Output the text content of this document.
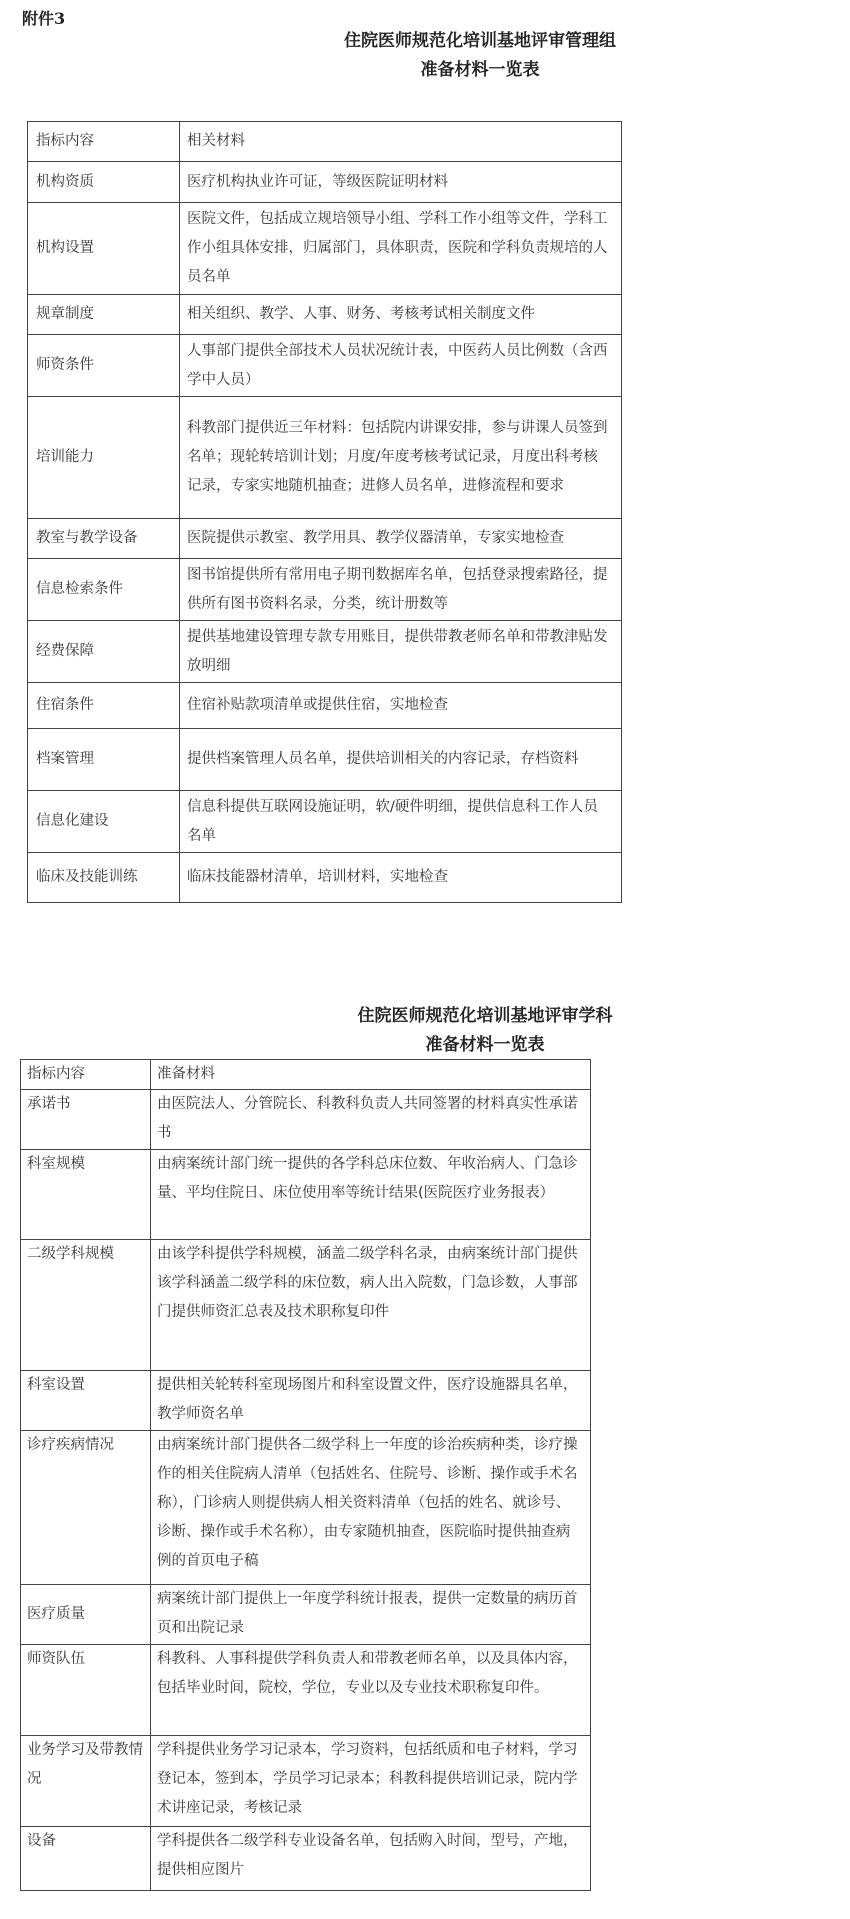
附件3
住院医师规范化培训基地评审管理组
准备材料一览表
指标内容	相关材料
机构资质	医疗机构执业许可证，等级医院证明材料
机构设置	医院文件，包括成立规培领导小组、学科工作小组等文件，学科工作小组具体安排，归属部门，具体职责，医院和学科负责规培的人员名单
规章制度	相关组织、教学、人事、财务、考核考试相关制度文件
师资条件	人事部门提供全部技术人员状况统计表，中医药人员比例数（含西学中人员）
培训能力	科教部门提供近三年材料：包括院内讲课安排，参与讲课人员签到名单；现轮转培训计划；月度/年度考核考试记录，月度出科考核记录，专家实地随机抽查；进修人员名单，进修流程和要求
教室与教学设备	医院提供示教室、教学用具、教学仪器清单，专家实地检查
信息检索条件	图书馆提供所有常用电子期刊数据库名单，包括登录搜索路径，提供所有图书资料名录，分类，统计册数等
经费保障	提供基地建设管理专款专用账目，提供带教老师名单和带教津贴发放明细
住宿条件	住宿补贴款项清单或提供住宿，实地检查
档案管理	提供档案管理人员名单，提供培训相关的内容记录，存档资料
信息化建设	信息科提供互联网设施证明，软/硬件明细，提供信息科工作人员名单
临床及技能训练	临床技能器材清单，培训材料，实地检查
住院医师规范化培训基地评审学科
准备材料一览表
指标内容	准备材料
承诺书	由医院法人、分管院长、科教科负责人共同签署的材料真实性承诺书
科室规模	由病案统计部门统一提供的各学科总床位数、年收治病人、门急诊量、平均住院日、床位使用率等统计结果(医院医疗业务报表）
二级学科规模	由该学科提供学科规模，涵盖二级学科名录，由病案统计部门提供该学科涵盖二级学科的床位数，病人出入院数，门急诊数，人事部门提供师资汇总表及技术职称复印件
科室设置	提供相关轮转科室现场图片和科室设置文件，医疗设施器具名单，教学师资名单
诊疗疾病情况	由病案统计部门提供各二级学科上一年度的诊治疾病种类，诊疗操作的相关住院病人清单（包括姓名、住院号、诊断、操作或手术名称），门诊病人则提供病人相关资料清单（包括的姓名、就诊号、诊断、操作或手术名称），由专家随机抽查，医院临时提供抽查病例的首页电子稿
医疗质量	病案统计部门提供上一年度学科统计报表，提供一定数量的病历首页和出院记录
师资队伍	科教科、人事科提供学科负责人和带教老师名单，以及具体内容，包括毕业时间，院校，学位，专业以及专业技术职称复印件。
业务学习及带教情况	学科提供业务学习记录本，学习资料，包括纸质和电子材料，学习登记本，签到本，学员学习记录本；科教科提供培训记录，院内学术讲座记录，考核记录
设备	学科提供各二级学科专业设备名单，包括购入时间，型号，产地，提供相应图片
